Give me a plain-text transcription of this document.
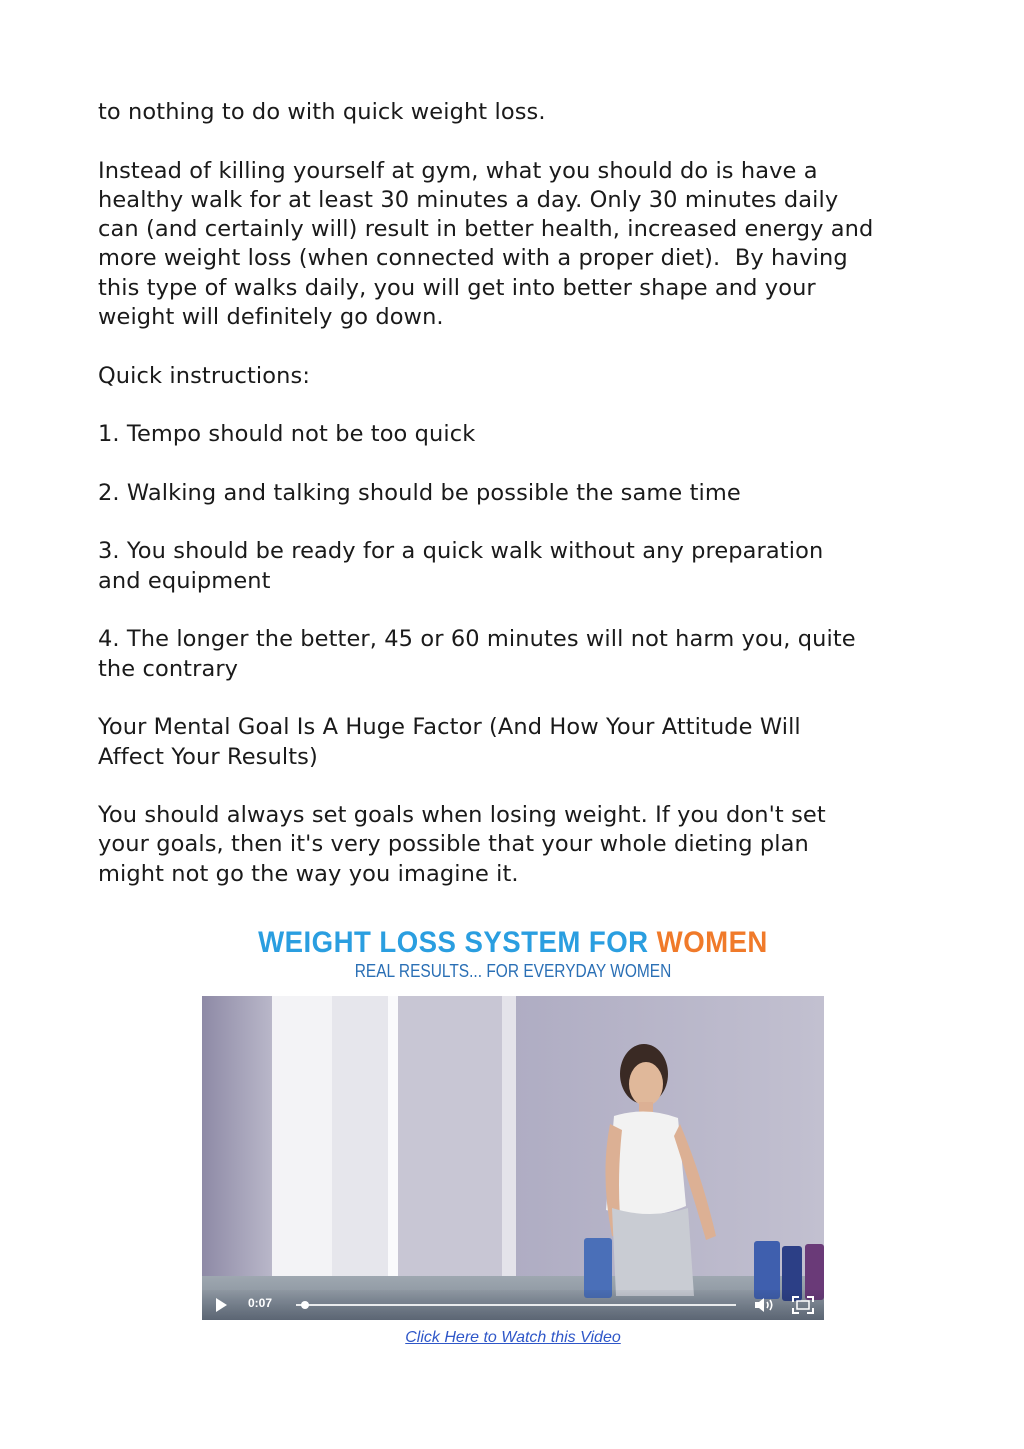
to nothing to do with quick weight loss.

Instead of killing yourself at gym, what you should do is have a
healthy walk for at least 30 minutes a day. Only 30 minutes daily
can (and certainly will) result in better health, increased energy and
more weight loss (when connected with a proper diet).  By having
this type of walks daily, you will get into better shape and your
weight will definitely go down.

Quick instructions:

1. Tempo should not be too quick

2. Walking and talking should be possible the same time

3. You should be ready for a quick walk without any preparation
and equipment

4. The longer the better, 45 or 60 minutes will not harm you, quite
the contrary

Your Mental Goal Is A Huge Factor (And How Your Attitude Will
Affect Your Results)

You should always set goals when losing weight. If you don't set
your goals, then it's very possible that your whole dieting plan
might not go the way you imagine it.

WEIGHT LOSS SYSTEM FOR WOMEN
REAL RESULTS... FOR EVERYDAY WOMEN
0:07
Click Here to Watch this Video
